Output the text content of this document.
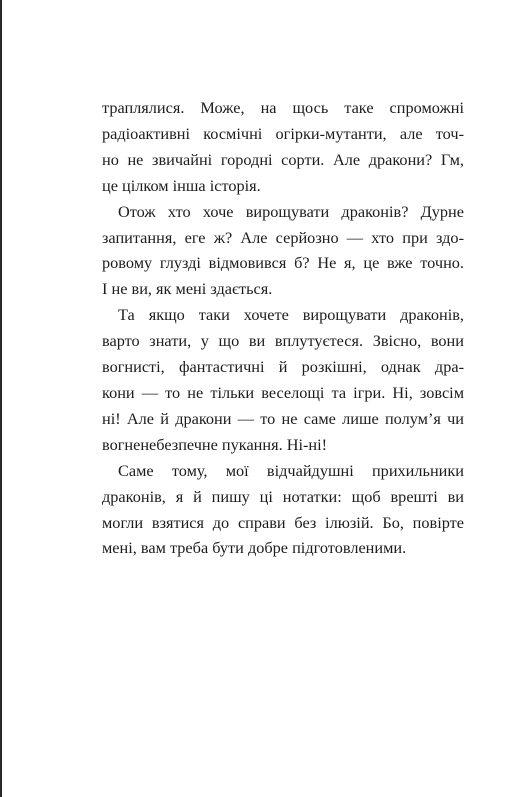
траплялися. Може, на щось таке спроможні
радіоактивні космічні огірки-мутанти, але точ-
но не звичайні городні сорти. Але дракони? Гм,
це цілком інша історія.

Отож хто хоче вирощувати драконів? Дурне
запитання, еге ж? Але серйозно — хто при здо-
ровому глузді відмовився б? Не я, це вже точно.
І не ви, як мені здається.

Та якщо таки хочете вирощувати драконів,
варто знати, у що ви вплутуєтеся. Звісно, вони
вогнисті, фантастичні й розкішні, однак дра-
кони — то не тільки веселощі та ігри. Ні, зовсім
ні! Але й дракони — то не саме лише полум’я чи
вогненебезпечне пукання. Ні-ні!

Саме тому, мої відчайдушні прихильники
драконів, я й пишу ці нотатки: щоб врешті ви
могли взятися до справи без ілюзій. Бо, повірте
мені, вам треба бути добре підготовленими.
